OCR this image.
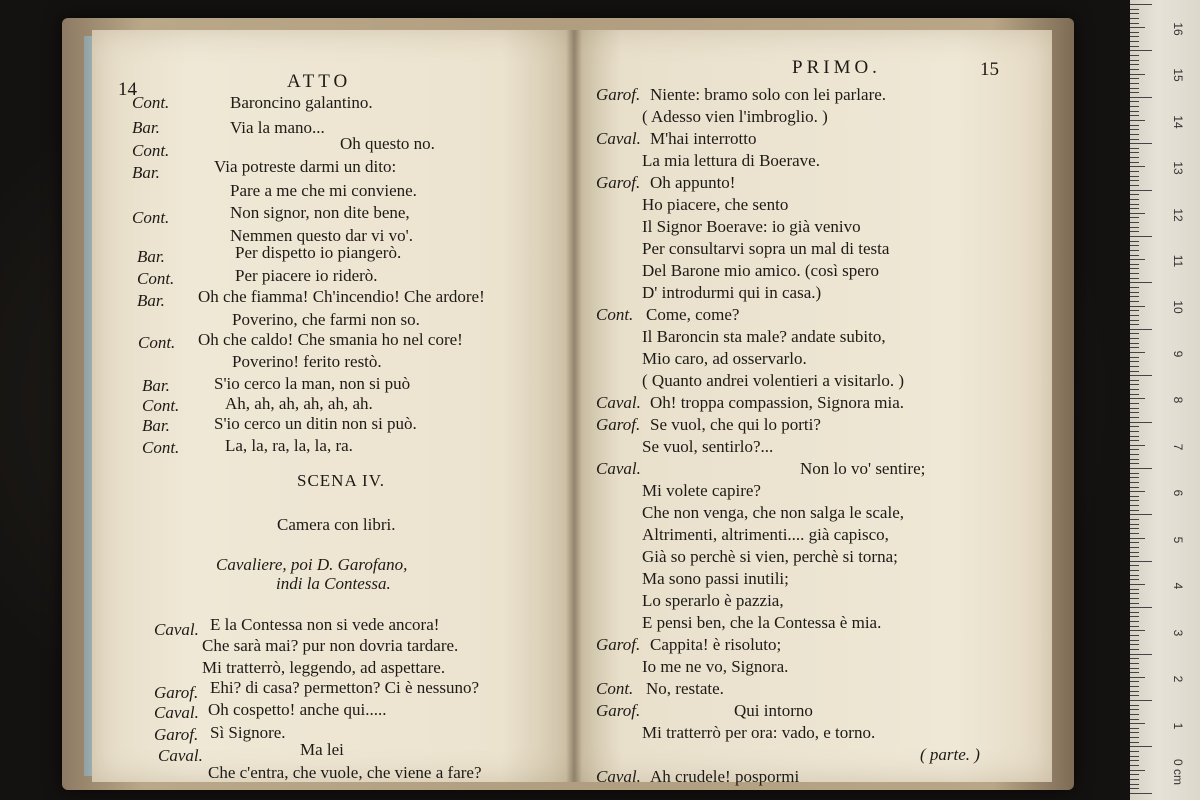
14	ATTO
Cont.	Baroncino galantino.
Bar.	Via la mano...
Cont.	Oh questo no.
Bar.	Via potreste darmi un dito:
Pare a me che mi conviene.
Cont.	Non signor, non dite bene,
Nemmen questo dar vi vo'.
Bar.	Per dispetto io piangerò.
Cont.	Per piacere io riderò.
Bar. Oh che fiamma! Ch'incendio! Che ardore!
Poverino, che farmi non so.
Cont. Oh che caldo! Che smania ho nel core!
Poverino! ferito restò.
Bar.	S'io cerco la man, non si può
Cont.	Ah, ah, ah, ah, ah, ah.
Bar.	S'io cerco un ditin non si può.
Cont.	La, la, ra, la, la, ra.
SCENA IV.
Camera con libri.
Cavaliere, poi D. Garofano,
indi la Contessa.
Caval. E la Contessa non si vede ancora!
Che sarà mai? pur non dovria tardare.
Mi tratterrò, leggendo, ad aspettare.
Garof. Ehi? di casa? permetton? Ci è nessuno?
Caval. Oh cospetto! anche qui.....
Garof. Sì Signore.
Caval.	Ma lei
Che c'entra, che vuole, che viene a fare?
PRIMO.	15
Garof. Niente: bramo solo con lei parlare.
( Adesso vien l'imbroglio. )
Caval. M'hai interrotto
La mia lettura di Boerave.
Garof. Oh appunto!
Ho piacere, che sento
Il Signor Boerave: io già venivo
Per consultarvi sopra un mal di testa
Del Barone mio amico. (così spero
D' introdurmi qui in casa.)
Cont. Come, come?
Il Baroncin sta male? andate subito,
Mio caro, ad osservarlo.
( Quanto andrei volentieri a visitarlo. )
Caval. Oh! troppa compassion, Signora mia.
Garof. Se vuol, che qui lo porti?
Se vuol, sentirlo?...
Caval.	Non lo vo' sentire;
Mi volete capire?
Che non venga, che non salga le scale,
Altrimenti, altrimenti.... già capisco,
Già so perchè si vien, perchè si torna;
Ma sono passi inutili;
Lo sperarlo è pazzia,
E pensi ben, che la Contessa è mia.
Garof. Cappita! è risoluto;
Io me ne vo, Signora.
Cont. No, restate.
Garof.	Qui intorno
Mi tratterrò per ora: vado, e torno.
( parte. )
Caval. Ah crudele! pospormi
16
15
14
13
12
11
10
9
8
7
6
5
4
3
2
1
0 cm
